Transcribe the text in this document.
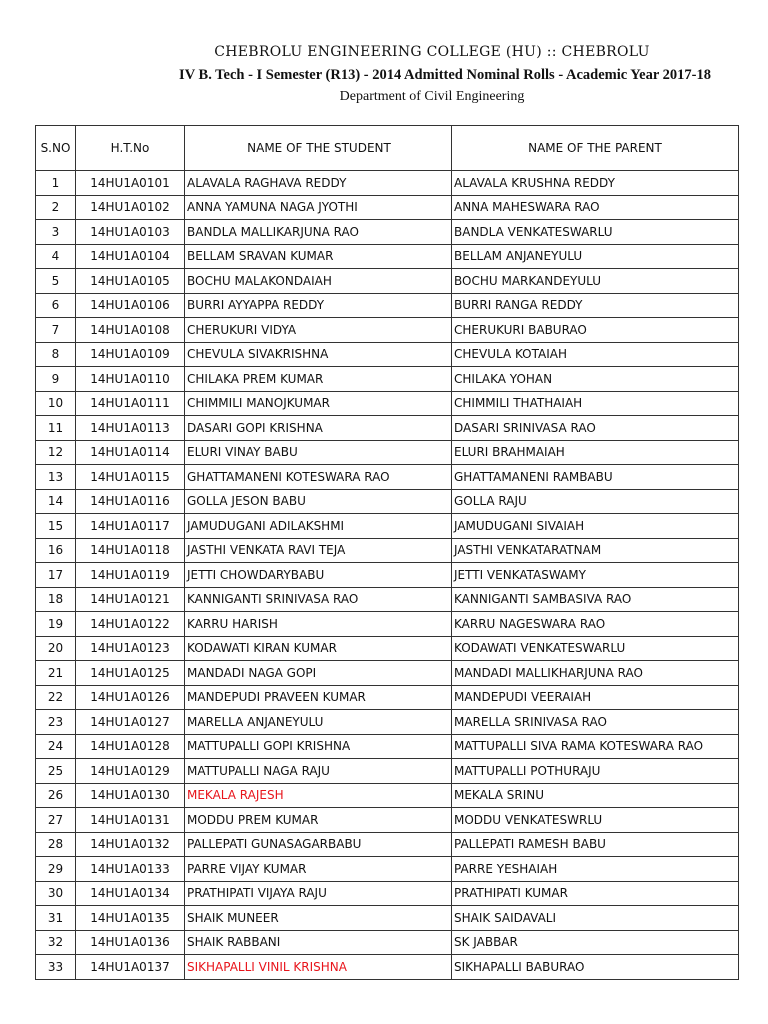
CHEBROLU ENGINEERING COLLEGE (HU) :: CHEBROLU
IV B. Tech - I Semester (R13) - 2014 Admitted Nominal Rolls - Academic Year 2017-18
Department of Civil Engineering
S.NO	H.T.No	NAME OF THE STUDENT	NAME OF THE PARENT
1	14HU1A0101	ALAVALA RAGHAVA REDDY	ALAVALA KRUSHNA REDDY
2	14HU1A0102	ANNA YAMUNA NAGA JYOTHI	ANNA MAHESWARA RAO
3	14HU1A0103	BANDLA MALLIKARJUNA RAO	BANDLA VENKATESWARLU
4	14HU1A0104	BELLAM SRAVAN KUMAR	BELLAM ANJANEYULU
5	14HU1A0105	BOCHU MALAKONDAIAH	BOCHU MARKANDEYULU
6	14HU1A0106	BURRI AYYAPPA REDDY	BURRI RANGA REDDY
7	14HU1A0108	CHERUKURI VIDYA	CHERUKURI BABURAO
8	14HU1A0109	CHEVULA SIVAKRISHNA	CHEVULA KOTAIAH
9	14HU1A0110	CHILAKA PREM KUMAR	CHILAKA YOHAN
10	14HU1A0111	CHIMMILI MANOJKUMAR	CHIMMILI THATHAIAH
11	14HU1A0113	DASARI GOPI KRISHNA	DASARI SRINIVASA RAO
12	14HU1A0114	ELURI VINAY BABU	ELURI BRAHMAIAH
13	14HU1A0115	GHATTAMANENI KOTESWARA RAO	GHATTAMANENI RAMBABU
14	14HU1A0116	GOLLA JESON BABU	GOLLA RAJU
15	14HU1A0117	JAMUDUGANI ADILAKSHMI	JAMUDUGANI SIVAIAH
16	14HU1A0118	JASTHI VENKATA RAVI TEJA	JASTHI VENKATARATNAM
17	14HU1A0119	JETTI CHOWDARYBABU	JETTI VENKATASWAMY
18	14HU1A0121	KANNIGANTI SRINIVASA RAO	KANNIGANTI SAMBASIVA RAO
19	14HU1A0122	KARRU HARISH	KARRU NAGESWARA RAO
20	14HU1A0123	KODAWATI KIRAN KUMAR	KODAWATI VENKATESWARLU
21	14HU1A0125	MANDADI NAGA GOPI	MANDADI MALLIKHARJUNA RAO
22	14HU1A0126	MANDEPUDI PRAVEEN KUMAR	MANDEPUDI VEERAIAH
23	14HU1A0127	MARELLA ANJANEYULU	MARELLA SRINIVASA RAO
24	14HU1A0128	MATTUPALLI GOPI KRISHNA	MATTUPALLI SIVA RAMA KOTESWARA RAO
25	14HU1A0129	MATTUPALLI NAGA RAJU	MATTUPALLI POTHURAJU
26	14HU1A0130	MEKALA RAJESH	MEKALA SRINU
27	14HU1A0131	MODDU PREM KUMAR	MODDU VENKATESWRLU
28	14HU1A0132	PALLEPATI GUNASAGARBABU	PALLEPATI RAMESH BABU
29	14HU1A0133	PARRE VIJAY KUMAR	PARRE YESHAIAH
30	14HU1A0134	PRATHIPATI VIJAYA RAJU	PRATHIPATI KUMAR
31	14HU1A0135	SHAIK MUNEER	SHAIK SAIDAVALI
32	14HU1A0136	SHAIK RABBANI	SK JABBAR
33	14HU1A0137	SIKHAPALLI VINIL KRISHNA	SIKHAPALLI BABURAO
